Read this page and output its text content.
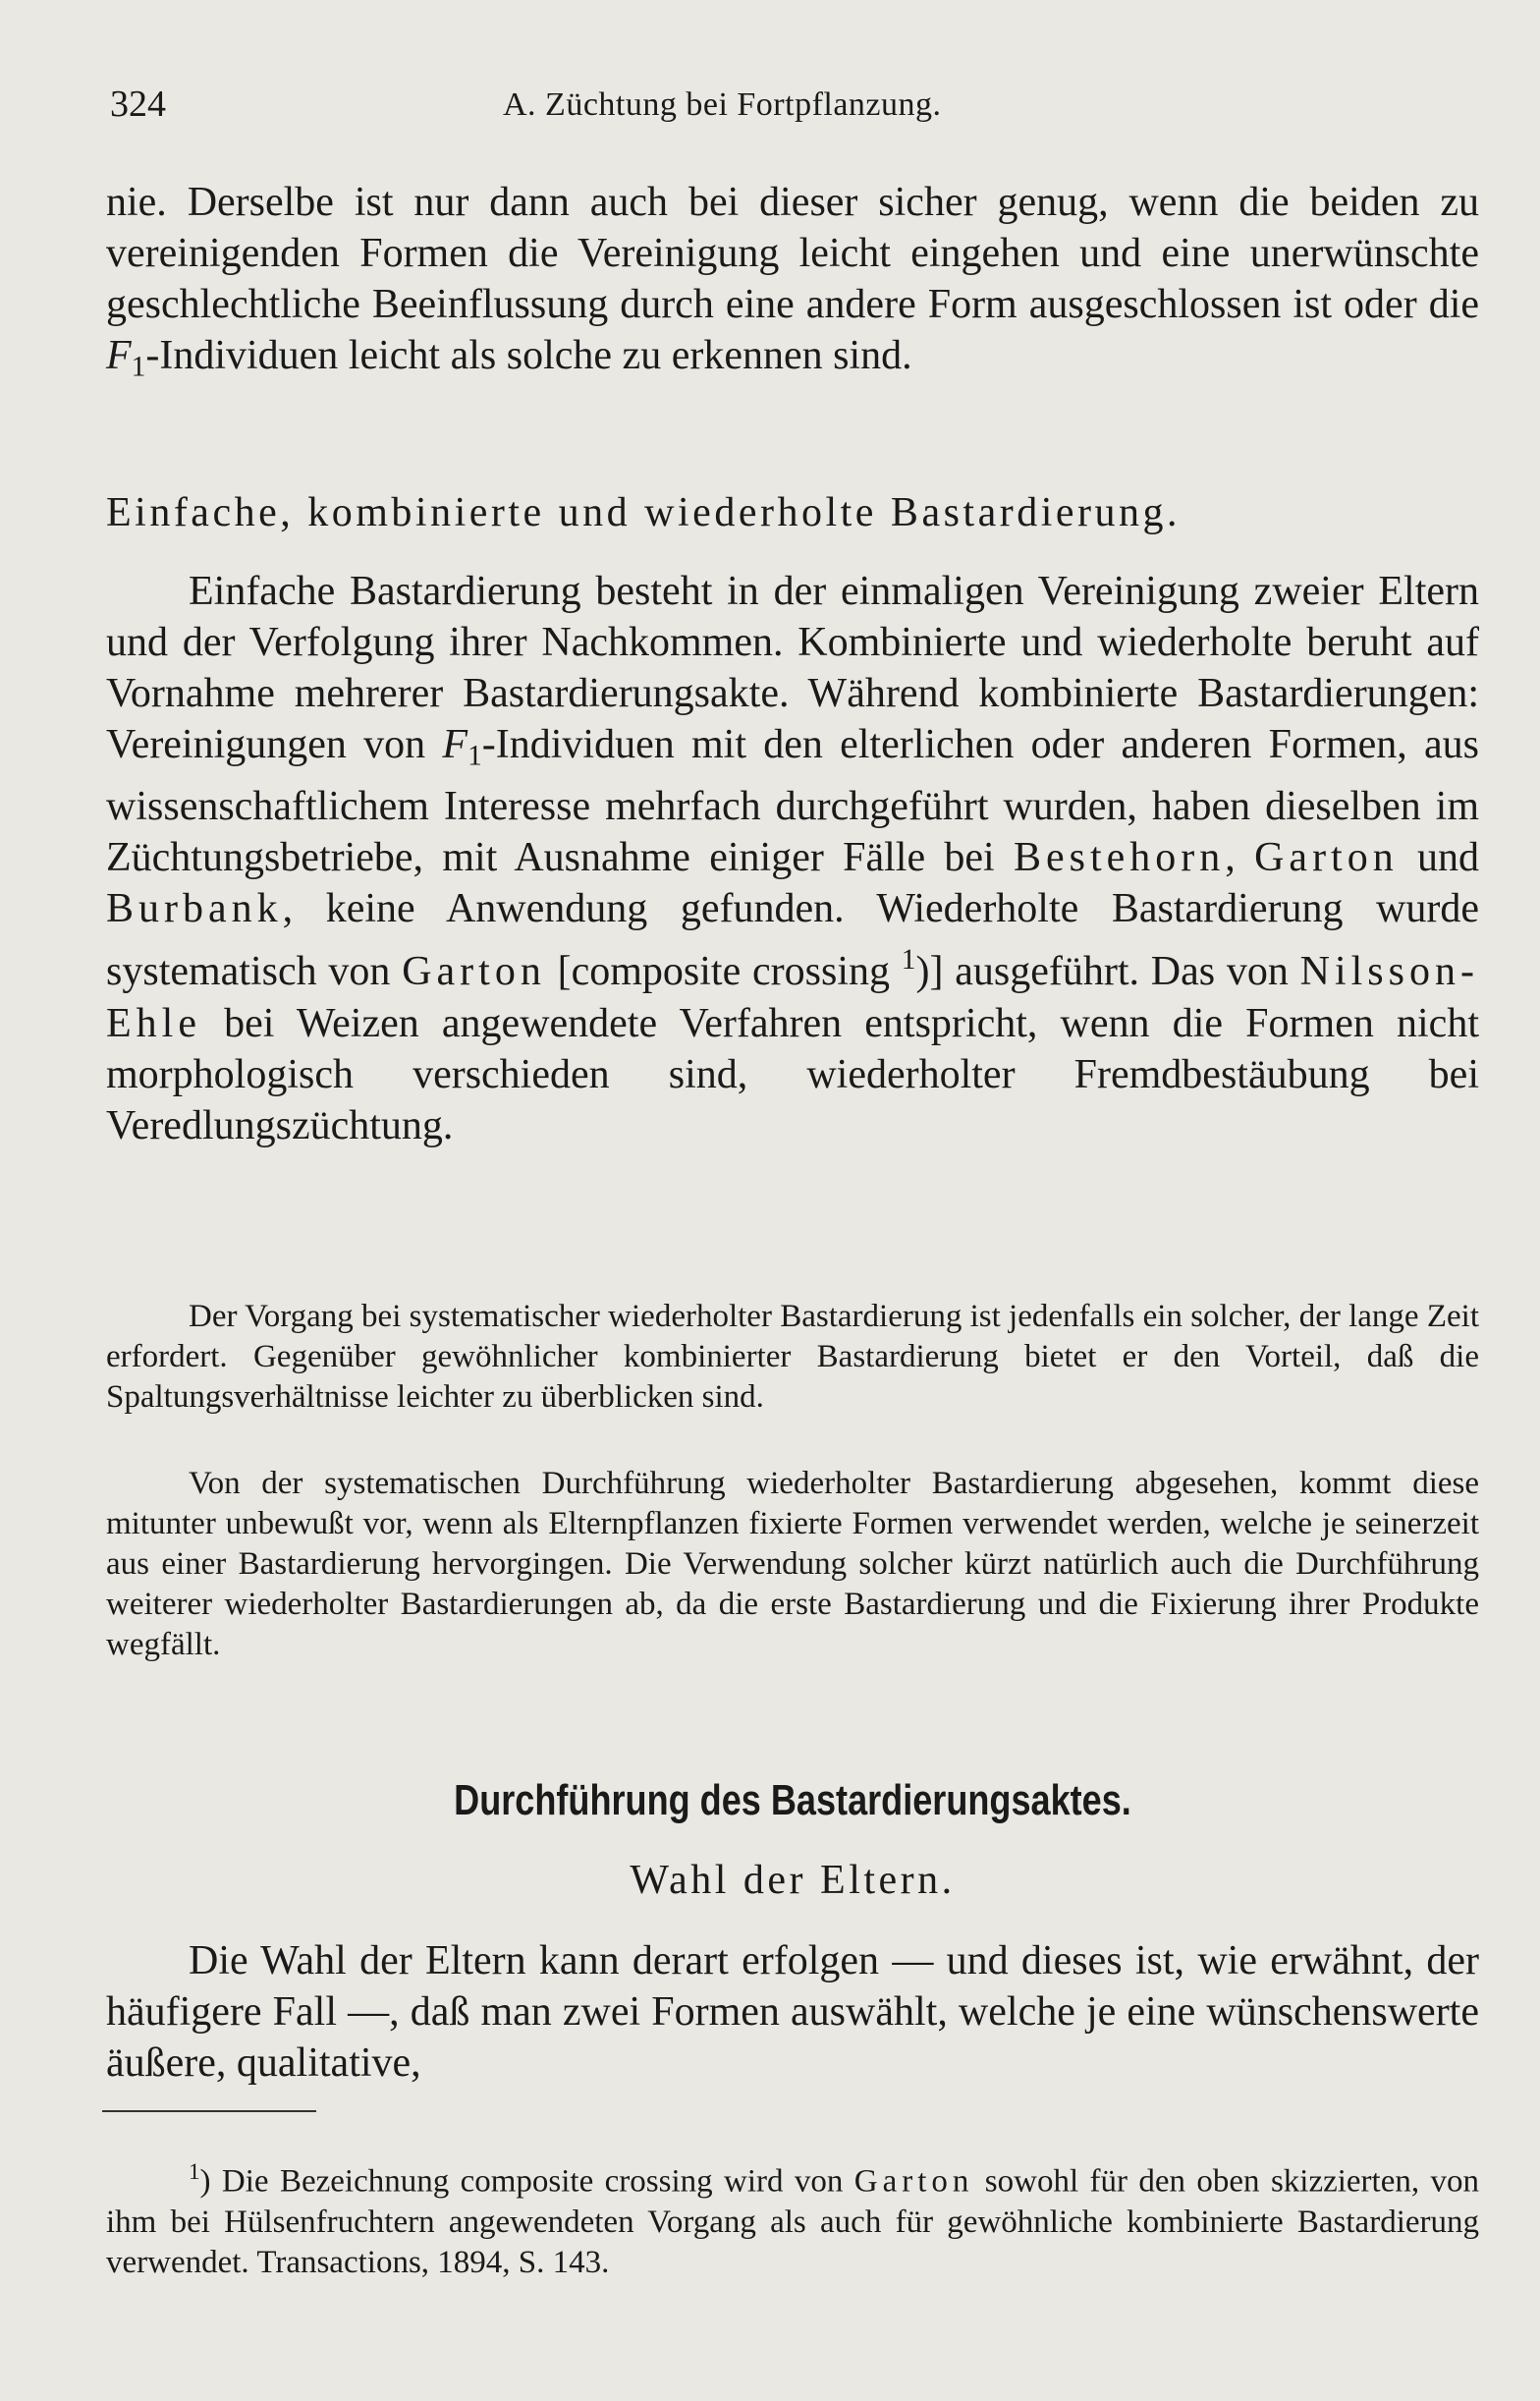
324	A. Züchtung bei Fortpflanzung.

nie. Derselbe ist nur dann auch bei dieser sicher genug, wenn die beiden zu vereinigenden Formen die Vereinigung leicht eingehen und eine unerwünschte geschlechtliche Beeinflussung durch eine andere Form ausgeschlossen ist oder die $F_1$-Individuen leicht als solche zu erkennen sind.

Einfache, kombinierte und wiederholte Bastardierung.

Einfache Bastardierung besteht in der einmaligen Vereinigung zweier Eltern und der Verfolgung ihrer Nachkommen. Kombinierte und wiederholte beruht auf Vornahme mehrerer Bastardierungsakte. Während kombinierte Bastardierungen: Vereinigungen von $F_1$-Individuen mit den elterlichen oder anderen Formen, aus wissenschaftlichem Interesse mehrfach durchgeführt wurden, haben dieselben im Züchtungsbetriebe, mit Ausnahme einiger Fälle bei Bestehorn, Garton und Burbank, keine Anwendung gefunden. Wiederholte Bastardierung wurde systematisch von Garton [composite crossing $^1$)] ausgeführt. Das von Nilsson-Ehle bei Weizen angewendete Verfahren entspricht, wenn die Formen nicht morphologisch verschieden sind, wiederholter Fremdbestäubung bei Veredlungszüchtung.

Der Vorgang bei systematischer wiederholter Bastardierung ist jedenfalls ein solcher, der lange Zeit erfordert. Gegenüber gewöhnlicher kombinierter Bastardierung bietet er den Vorteil, daß die Spaltungsverhältnisse leichter zu überblicken sind.

Von der systematischen Durchführung wiederholter Bastardierung abgesehen, kommt diese mitunter unbewußt vor, wenn als Elternpflanzen fixierte Formen verwendet werden, welche je seinerzeit aus einer Bastardierung hervorgingen. Die Verwendung solcher kürzt natürlich auch die Durchführung weiterer wiederholter Bastardierungen ab, da die erste Bastardierung und die Fixierung ihrer Produkte wegfällt.

Durchführung des Bastardierungsaktes.
Wahl der Eltern.

Die Wahl der Eltern kann derart erfolgen — und dieses ist, wie erwähnt, der häufigere Fall —, daß man zwei Formen auswählt, welche je eine wünschenswerte äußere, qualitative,

$^1$) Die Bezeichnung composite crossing wird von Garton sowohl für den oben skizzierten, von ihm bei Hülsenfruchtern angewendeten Vorgang als auch für gewöhnliche kombinierte Bastardierung verwendet. Transactions, 1894, S. 143.
